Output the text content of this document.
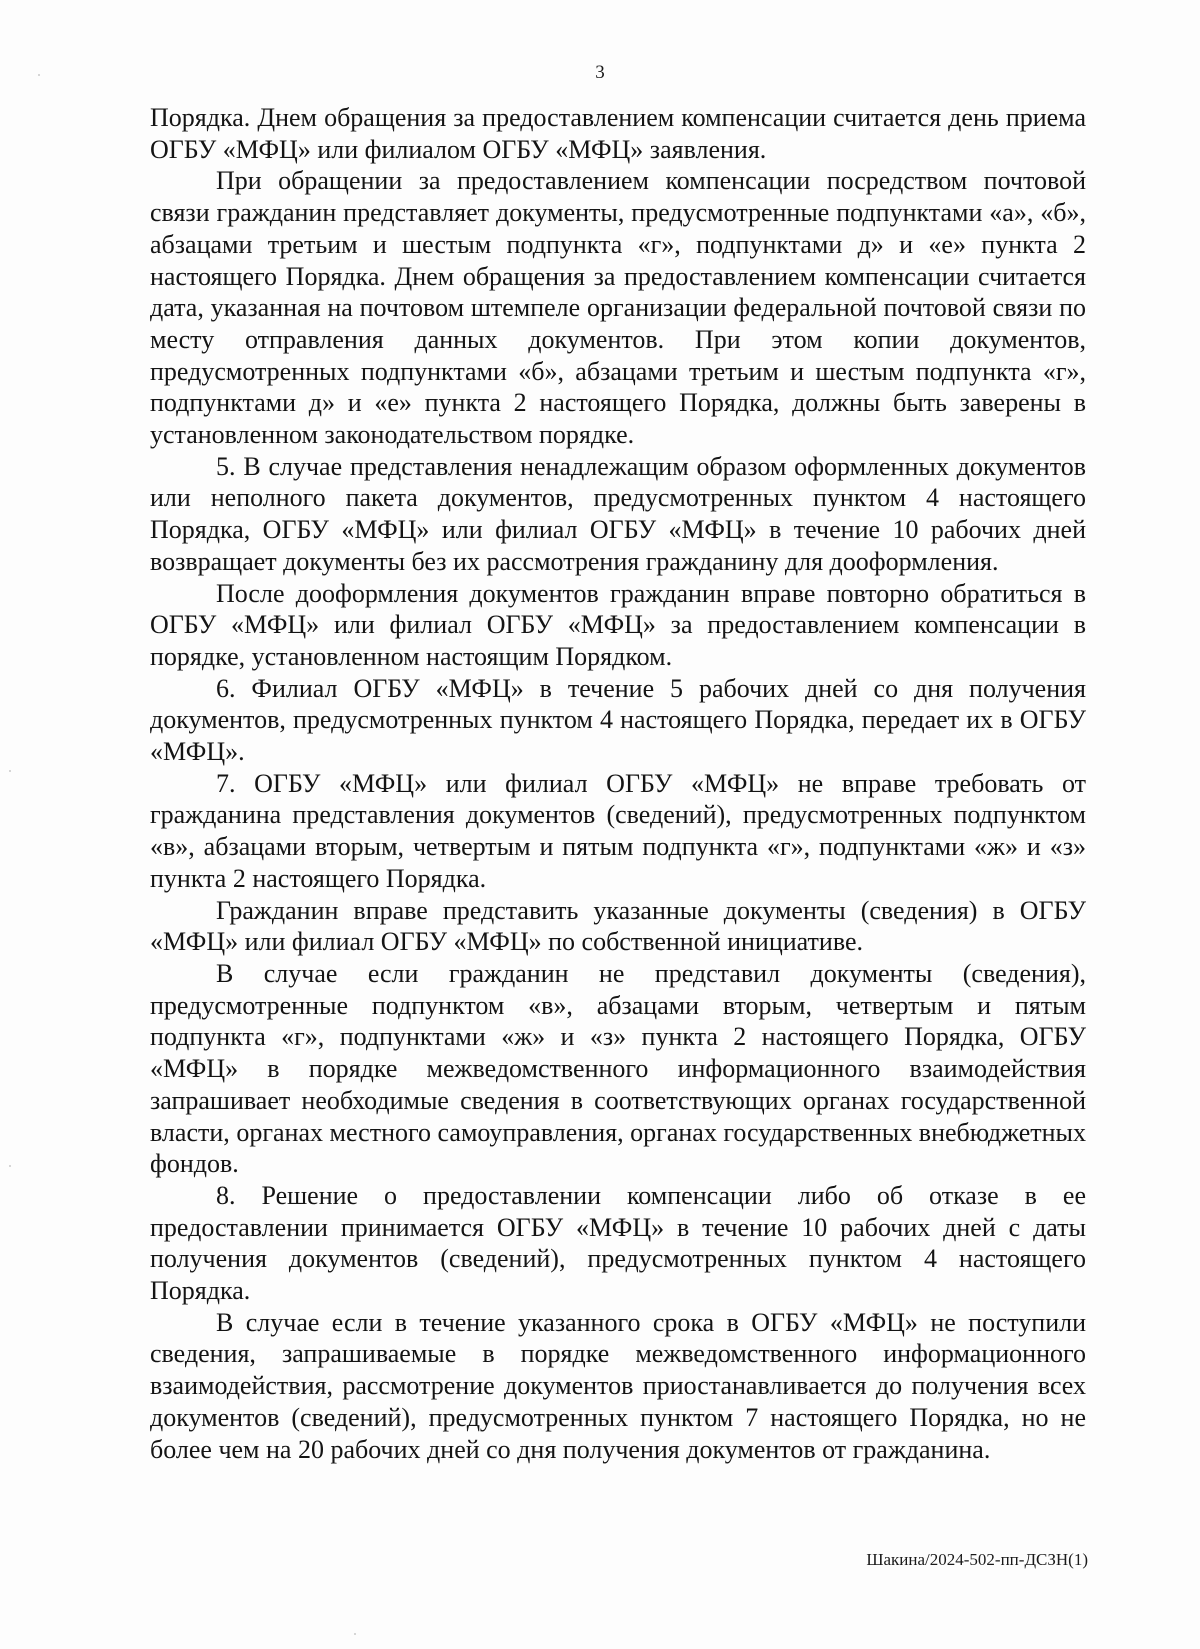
3

Порядка. Днем обращения за предоставлением компенсации считается день приема ОГБУ «МФЦ» или филиалом ОГБУ «МФЦ» заявления.

При обращении за предоставлением компенсации посредством почтовой связи гражданин представляет документы, предусмотренные подпунктами «а», «б», абзацами третьим и шестым подпункта «г», подпунктами д» и «е» пункта 2 настоящего Порядка. Днем обращения за предоставлением компенсации считается дата, указанная на почтовом штемпеле организации федеральной почтовой связи по месту отправления данных документов. При этом копии документов, предусмотренных подпунктами «б», абзацами третьим и шестым подпункта «г», подпунктами д» и «е» пункта 2 настоящего Порядка, должны быть заверены в установленном законодательством порядке.

5. В случае представления ненадлежащим образом оформленных документов или неполного пакета документов, предусмотренных пунктом 4 настоящего Порядка, ОГБУ «МФЦ» или филиал ОГБУ «МФЦ» в течение 10 рабочих дней возвращает документы без их рассмотрения гражданину для дооформления.

После дооформления документов гражданин вправе повторно обратиться в ОГБУ «МФЦ» или филиал ОГБУ «МФЦ» за предоставлением компенсации в порядке, установленном настоящим Порядком.

6. Филиал ОГБУ «МФЦ» в течение 5 рабочих дней со дня получения документов, предусмотренных пунктом 4 настоящего Порядка, передает их в ОГБУ «МФЦ».

7. ОГБУ «МФЦ» или филиал ОГБУ «МФЦ» не вправе требовать от гражданина представления документов (сведений), предусмотренных подпунктом «в», абзацами вторым, четвертым и пятым подпункта «г», подпунктами «ж» и «з» пункта 2 настоящего Порядка.

Гражданин вправе представить указанные документы (сведения) в ОГБУ «МФЦ» или филиал ОГБУ «МФЦ» по собственной инициативе.

В случае если гражданин не представил документы (сведения), предусмотренные подпунктом «в», абзацами вторым, четвертым и пятым подпункта «г», подпунктами «ж» и «з» пункта 2 настоящего Порядка, ОГБУ «МФЦ» в порядке межведомственного информационного взаимодействия запрашивает необходимые сведения в соответствующих органах государственной власти, органах местного самоуправления, органах государственных внебюджетных фондов.

8. Решение о предоставлении компенсации либо об отказе в ее предоставлении принимается ОГБУ «МФЦ» в течение 10 рабочих дней с даты получения документов (сведений), предусмотренных пунктом 4 настоящего Порядка.

В случае если в течение указанного срока в ОГБУ «МФЦ» не поступили сведения, запрашиваемые в порядке межведомственного информационного взаимодействия, рассмотрение документов приостанавливается до получения всех документов (сведений), предусмотренных пунктом 7 настоящего Порядка, но не более чем на 20 рабочих дней со дня получения документов от гражданина.

Шакина/2024-502-пп-ДСЗН(1)
